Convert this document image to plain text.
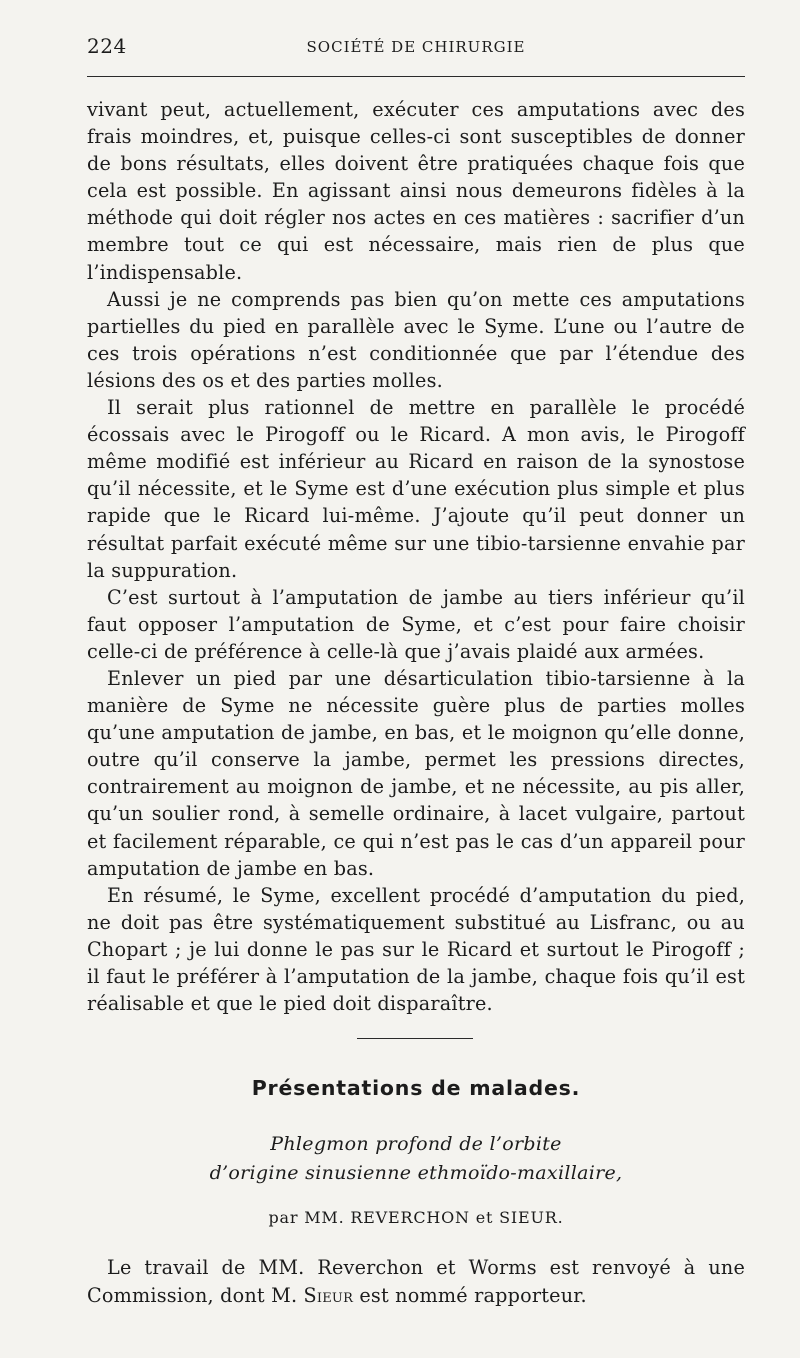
224	SOCIÉTÉ DE CHIRURGIE

vivant peut, actuellement, exécuter ces amputations avec des frais moindres, et, puisque celles-ci sont susceptibles de donner de bons résultats, elles doivent être pratiquées chaque fois que cela est possible. En agissant ainsi nous demeurons fidèles à la méthode qui doit régler nos actes en ces matières : sacrifier d’un membre tout ce qui est nécessaire, mais rien de plus que l’indispensable.

Aussi je ne comprends pas bien qu’on mette ces amputations partielles du pied en parallèle avec le Syme. L’une ou l’autre de ces trois opérations n’est conditionnée que par l’étendue des lésions des os et des parties molles.

Il serait plus rationnel de mettre en parallèle le procédé écossais avec le Pirogoff ou le Ricard. A mon avis, le Pirogoff même modifié est inférieur au Ricard en raison de la synostose qu’il nécessite, et le Syme est d’une exécution plus simple et plus rapide que le Ricard lui-même. J’ajoute qu’il peut donner un résultat parfait exécuté même sur une tibio-tarsienne envahie par la suppuration.

C’est surtout à l’amputation de jambe au tiers inférieur qu’il faut opposer l’amputation de Syme, et c’est pour faire choisir celle-ci de préférence à celle-là que j’avais plaidé aux armées.

Enlever un pied par une désarticulation tibio-tarsienne à la manière de Syme ne nécessite guère plus de parties molles qu’une amputation de jambe, en bas, et le moignon qu’elle donne, outre qu’il conserve la jambe, permet les pressions directes, contrairement au moignon de jambe, et ne nécessite, au pis aller, qu’un soulier rond, à semelle ordinaire, à lacet vulgaire, partout et facilement réparable, ce qui n’est pas le cas d’un appareil pour amputation de jambe en bas.

En résumé, le Syme, excellent procédé d’amputation du pied, ne doit pas être systématiquement substitué au Lisfranc, ou au Chopart ; je lui donne le pas sur le Ricard et surtout le Pirogoff ; il faut le préférer à l’amputation de la jambe, chaque fois qu’il est réalisable et que le pied doit disparaître.

Présentations de malades.
Phlegmon profond de l’orbite
d’origine sinusienne ethmoïdo-maxillaire,
par MM. REVERCHON et SIEUR.

Le travail de MM. Reverchon et Worms est renvoyé à une Commission, dont M. Sieur est nommé rapporteur.
